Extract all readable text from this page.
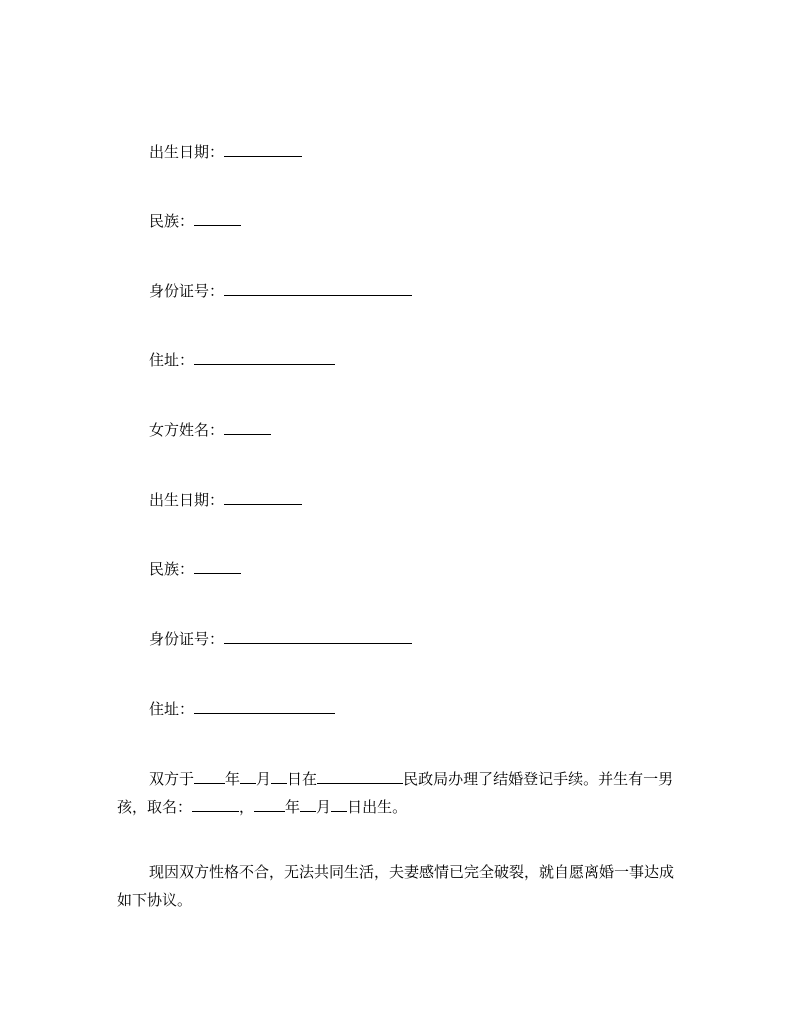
出生日期：
民族：
身份证号：
住址：
女方姓名：
出生日期：
民族：
身份证号：
住址：
双方于 年 月 日在	民政局办理了结婚登记手续。并生有一男孩，取名：	， 年 月 日出生。
现因双方性格不合，无法共同生活，夫妻感情已完全破裂，就自愿离婚一事达成如下协议。
